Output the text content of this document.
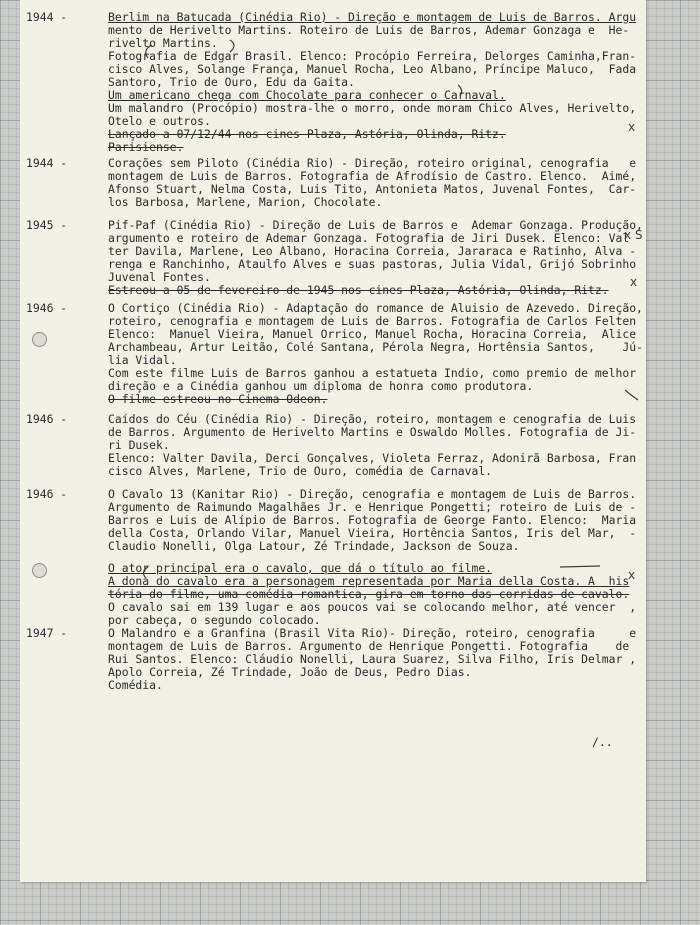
1944 -	Berlim na Batucada (Cinédia Rio) - Direção e montagem de Luis de Barros. Argu
mento de Herivelto Martins. Roteiro de Luis de Barros, Ademar Gonzaga e  He-
rivelto Martins.
Fotografia de Edgar Brasil. Elenco: Procópio Ferreira, Delorges Caminha,Fran-
cisco Alves, Solange França, Manuel Rocha, Leo Albano, Príncipe Maluco,  Fada
Santoro, Trio de Ouro, Edu da Gaita.
Um americano chega com Chocolate para conhecer o Carnaval.
Um malandro (Procópio) mostra-lhe o morro, onde moram Chico Alves, Herivelto,
Otelo e outros.
Lançado a 07/12/44 nos cines Plaza, Astória, Olinda, Ritz.
Parisiense.
1944 -	Corações sem Piloto (Cinédia Rio) - Direção, roteiro original, cenografia   e
montagem de Luis de Barros. Fotografia de Afrodísio de Castro. Elenco.  Aimé,
Afonso Stuart, Nelma Costa, Luis Tito, Antonieta Matos, Juvenal Fontes,  Car-
los Barbosa, Marlene, Marion, Chocolate.
1945 -	Pif-Paf (Cinédia Rio) - Direção de Luis de Barros e  Ademar Gonzaga. Produção,
argumento e roteiro de Ademar Gonzaga. Fotografia de Jiri Dusek. Elenco: Val
ter Davila, Marlene, Leo Albano, Horacina Correia, Jararaca e Ratinho, Alva -
renga e Ranchinho, Ataulfo Alves e suas pastoras, Julia Vidal, Grijó Sobrinho
Juvenal Fontes.
Estreou a 05 de fevereiro de 1945 nos cines Plaza, Astória, Olinda, Ritz.
1946 -	O Cortiço (Cinédia Rio) - Adaptação do romance de Aluisio de Azevedo. Direção,
roteiro, cenografia e montagem de Luis de Barros. Fotografia de Carlos Felten
Elenco:  Manuel Vieira, Manuel Orrico, Manuel Rocha, Horacina Correia,  Alice
Archambeau, Artur Leitão, Colé Santana, Pérola Negra, Hortênsia Santos,    Jú-
lia Vidal.
Com este filme Luis de Barros ganhou a estatueta Indio, como premio de melhor
direção e a Cinédia ganhou um diploma de honra como produtora.
O filme estreou no Cinema Odeon.
1946 -	Caídos do Céu (Cinédia Rio) - Direção, roteiro, montagem e cenografia de Luis
de Barros. Argumento de Herivelto Martins e Oswaldo Molles. Fotografia de Ji-
ri Dusek.
Elenco: Valter Davila, Derci Gonçalves, Violeta Ferraz, Adonirã Barbosa, Fran
cisco Alves, Marlene, Trio de Ouro, comédia de Carnaval.
1946 -	O Cavalo 13 (Kanitar Rio) - Direção, cenografia e montagem de Luis de Barros.
Argumento de Raimundo Magalhães Jr. e Henrique Pongetti; roteiro de Luis de -
Barros e Luis de Alípio de Barros. Fotografia de George Fanto. Elenco:  Maria
della Costa, Orlando Vilar, Manuel Vieira, Hortência Santos, Iris del Mar,  -
Claudio Nonelli, Olga Latour, Zé Trindade, Jackson de Souza.
O ator principal era o cavalo, que dá o título ao filme.
A dona do cavalo era a personagem representada por Maria della Costa. A  his
tória do filme, uma comédia romantica, gira em torno das corridas de cavalo.
O cavalo sai em 139 lugar e aos poucos vai se colocando melhor, até vencer  ,
por cabeça, o segundo colocado.
1947 -	O Malandro e a Granfina (Brasil Vita Rio)- Direção, roteiro, cenografia     e
montagem de Luis de Barros. Argumento de Henrique Pongetti. Fotografia    de
Rui Santos. Elenco: Cláudio Nonelli, Laura Suarez, Silva Filho, Iris Delmar ,
Apolo Correia, Zé Trindade, João de Deus, Pedro Dias.
Comédia.
/..
x
x S
x
x
